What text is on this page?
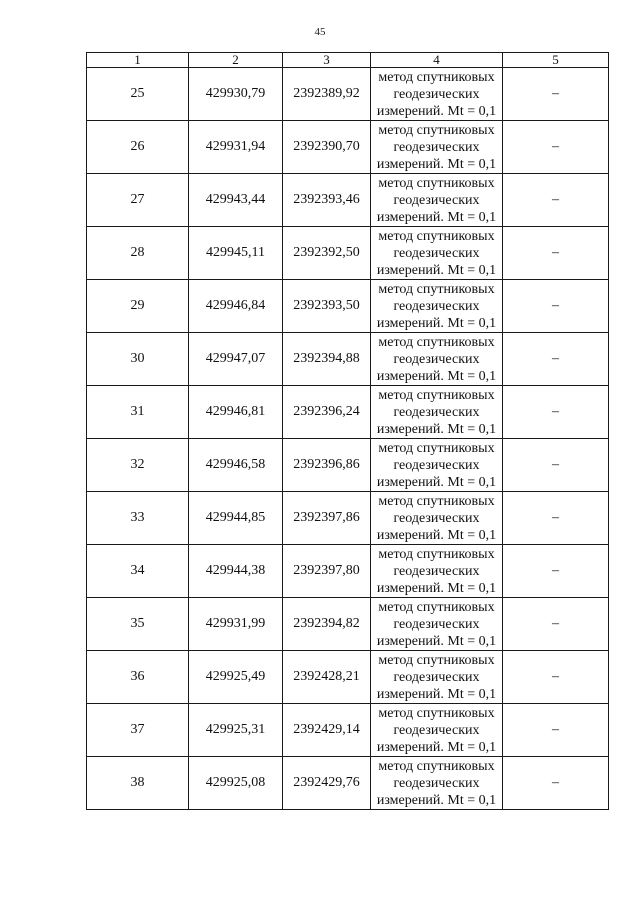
45
1	2	3	4	5
25	429930,79	2392389,92	метод спутниковых
геодезических
измерений. Mt = 0,1	–
26	429931,94	2392390,70	метод спутниковых
геодезических
измерений. Mt = 0,1	–
27	429943,44	2392393,46	метод спутниковых
геодезических
измерений. Mt = 0,1	–
28	429945,11	2392392,50	метод спутниковых
геодезических
измерений. Mt = 0,1	–
29	429946,84	2392393,50	метод спутниковых
геодезических
измерений. Mt = 0,1	–
30	429947,07	2392394,88	метод спутниковых
геодезических
измерений. Mt = 0,1	–
31	429946,81	2392396,24	метод спутниковых
геодезических
измерений. Mt = 0,1	–
32	429946,58	2392396,86	метод спутниковых
геодезических
измерений. Mt = 0,1	–
33	429944,85	2392397,86	метод спутниковых
геодезических
измерений. Mt = 0,1	–
34	429944,38	2392397,80	метод спутниковых
геодезических
измерений. Mt = 0,1	–
35	429931,99	2392394,82	метод спутниковых
геодезических
измерений. Mt = 0,1	–
36	429925,49	2392428,21	метод спутниковых
геодезических
измерений. Mt = 0,1	–
37	429925,31	2392429,14	метод спутниковых
геодезических
измерений. Mt = 0,1	–
38	429925,08	2392429,76	метод спутниковых
геодезических
измерений. Mt = 0,1	–
